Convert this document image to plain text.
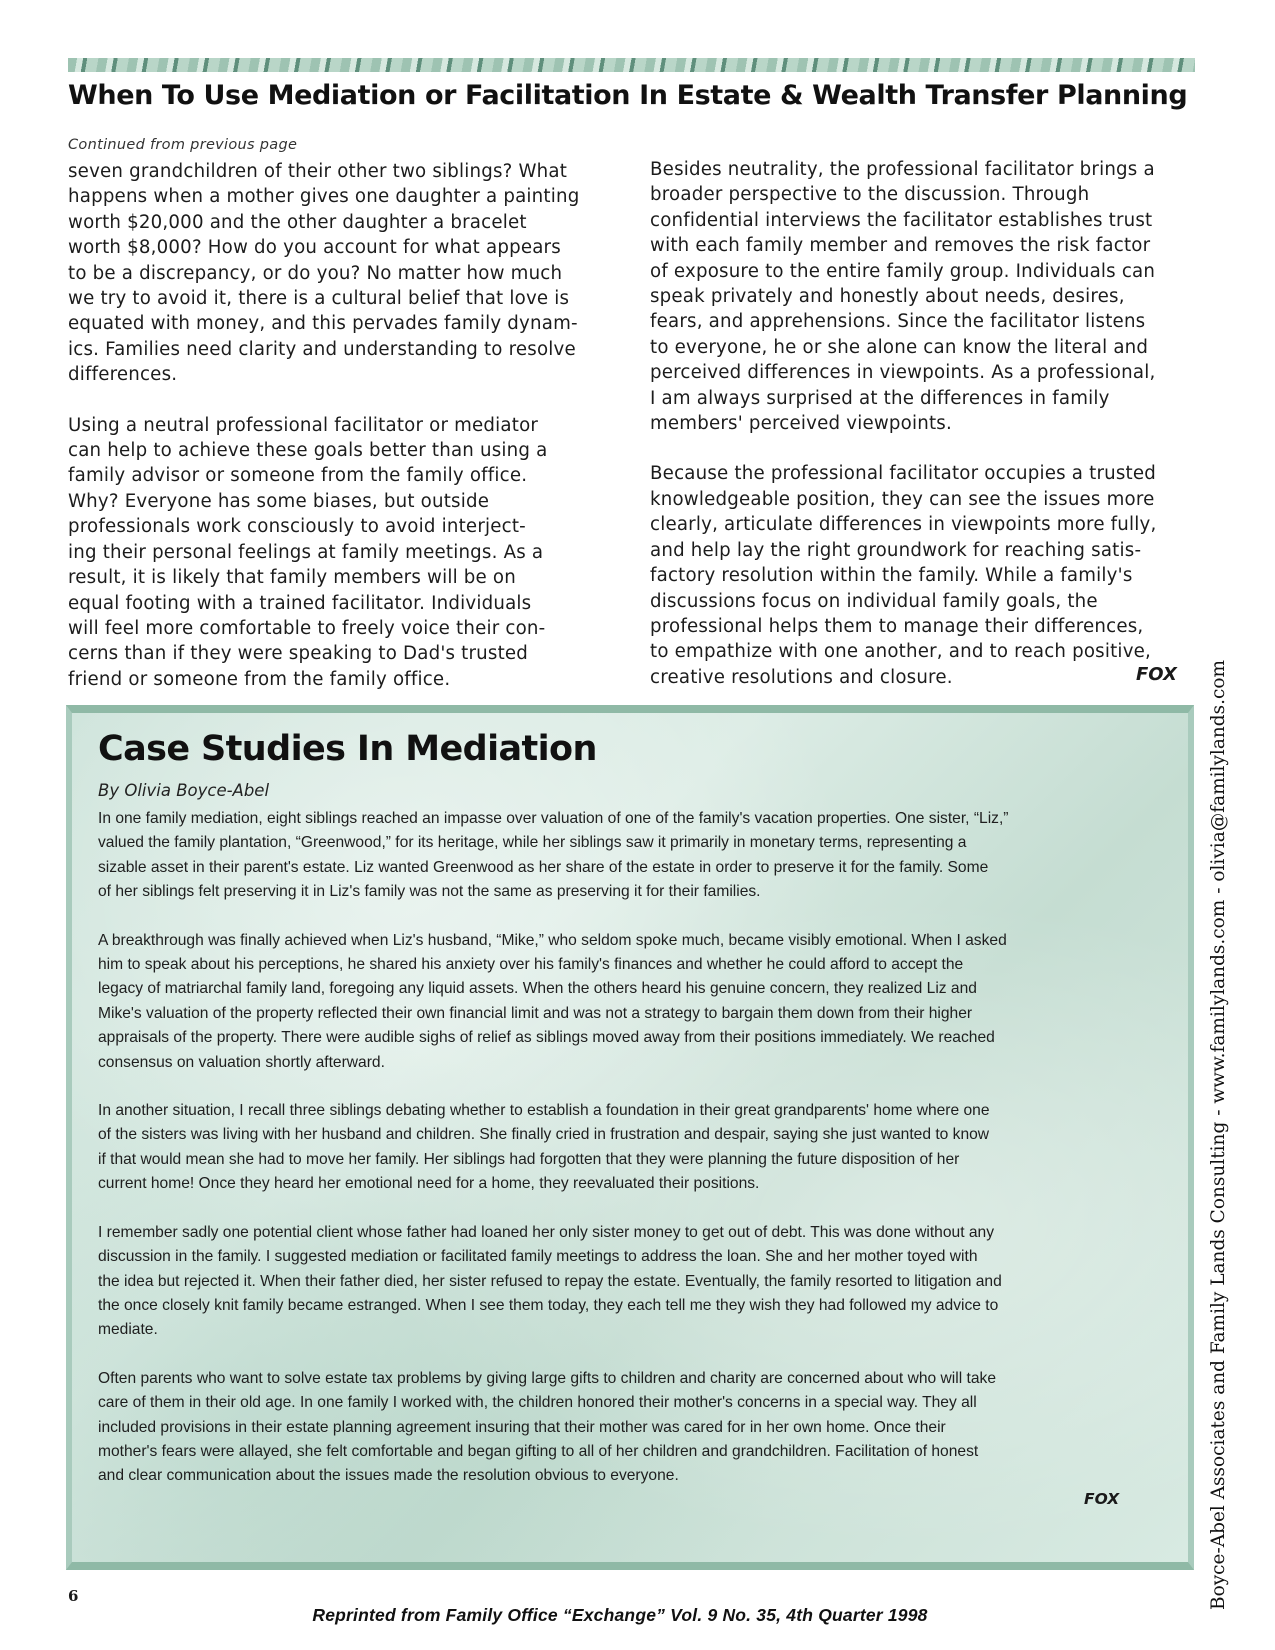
When To Use Mediation or Facilitation In Estate & Wealth Transfer Planning
Continued from previous page

seven grandchildren of their other two siblings? What
happens when a mother gives one daughter a painting
worth $20,000 and the other daughter a bracelet
worth $8,000? How do you account for what appears
to be a discrepancy, or do you? No matter how much
we try to avoid it, there is a cultural belief that love is
equated with money, and this pervades family dynam-
ics. Families need clarity and understanding to resolve
differences.

Using a neutral professional facilitator or mediator
can help to achieve these goals better than using a
family advisor or someone from the family office.
Why? Everyone has some biases, but outside
professionals work consciously to avoid interject-
ing their personal feelings at family meetings. As a
result, it is likely that family members will be on
equal footing with a trained facilitator. Individuals
will feel more comfortable to freely voice their con-
cerns than if they were speaking to Dad's trusted
friend or someone from the family office.

Besides neutrality, the professional facilitator brings a
broader perspective to the discussion. Through
confidential interviews the facilitator establishes trust
with each family member and removes the risk factor
of exposure to the entire family group. Individuals can
speak privately and honestly about needs, desires,
fears, and apprehensions. Since the facilitator listens
to everyone, he or she alone can know the literal and
perceived differences in viewpoints. As a professional,
I am always surprised at the differences in family
members' perceived viewpoints.

Because the professional facilitator occupies a trusted
knowledgeable position, they can see the issues more
clearly, articulate differences in viewpoints more fully,
and help lay the right groundwork for reaching satis-
factory resolution within the family. While a family's
discussions focus on individual family goals, the
professional helps them to manage their differences,
to empathize with one another, and to reach positive,
creative resolutions and closure.	FOX
Case Studies In Mediation
By Olivia Boyce-Abel

In one family mediation, eight siblings reached an impasse over valuation of one of the family's vacation properties. One sister, “Liz,”
valued the family plantation, “Greenwood,” for its heritage, while her siblings saw it primarily in monetary terms, representing a
sizable asset in their parent's estate. Liz wanted Greenwood as her share of the estate in order to preserve it for the family. Some
of her siblings felt preserving it in Liz's family was not the same as preserving it for their families.

A breakthrough was finally achieved when Liz's husband, “Mike,” who seldom spoke much, became visibly emotional. When I asked
him to speak about his perceptions, he shared his anxiety over his family's finances and whether he could afford to accept the
legacy of matriarchal family land, foregoing any liquid assets. When the others heard his genuine concern, they realized Liz and
Mike's valuation of the property reflected their own financial limit and was not a strategy to bargain them down from their higher
appraisals of the property. There were audible sighs of relief as siblings moved away from their positions immediately. We reached
consensus on valuation shortly afterward.

In another situation, I recall three siblings debating whether to establish a foundation in their great grandparents' home where one
of the sisters was living with her husband and children. She finally cried in frustration and despair, saying she just wanted to know
if that would mean she had to move her family. Her siblings had forgotten that they were planning the future disposition of her
current home! Once they heard her emotional need for a home, they reevaluated their positions.

I remember sadly one potential client whose father had loaned her only sister money to get out of debt. This was done without any
discussion in the family. I suggested mediation or facilitated family meetings to address the loan. She and her mother toyed with
the idea but rejected it. When their father died, her sister refused to repay the estate. Eventually, the family resorted to litigation and
the once closely knit family became estranged. When I see them today, they each tell me they wish they had followed my advice to
mediate.

Often parents who want to solve estate tax problems by giving large gifts to children and charity are concerned about who will take
care of them in their old age. In one family I worked with, the children honored their mother's concerns in a special way. They all
included provisions in their estate planning agreement insuring that their mother was cared for in her own home. Once their
mother's fears were allayed, she felt comfortable and began gifting to all of her children and grandchildren. Facilitation of honest
and clear communication about the issues made the resolution obvious to everyone.

FOX
6
Reprinted from Family Office “Exchange” Vol. 9 No. 35, 4th Quarter 1998
Boyce-Abel Associates and Family Lands Consulting - www.familylands.com - olivia@familylands.com
